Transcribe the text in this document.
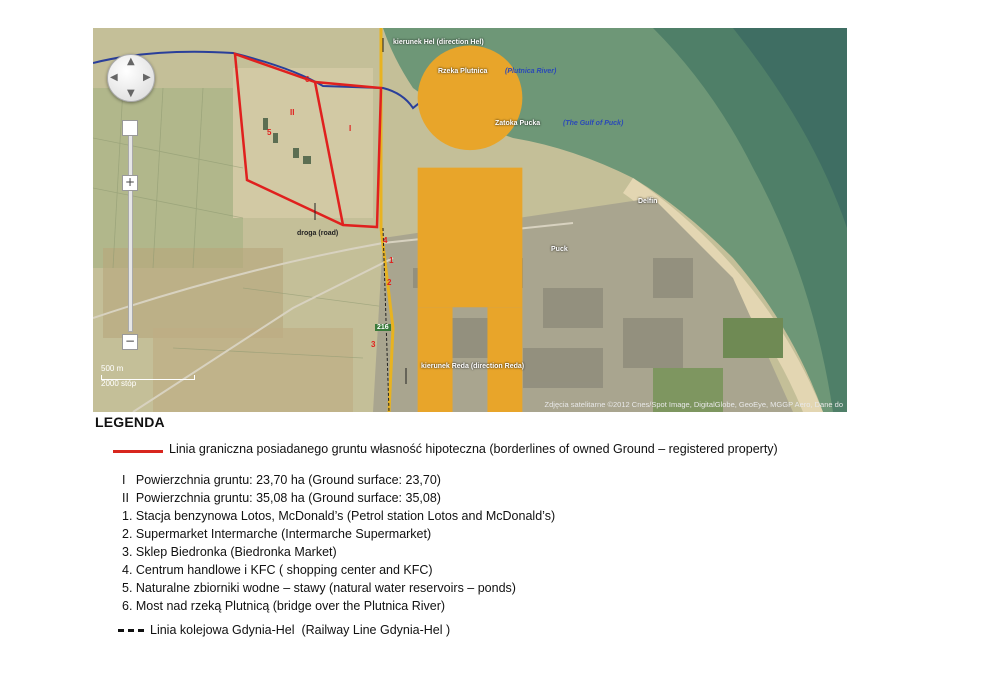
▲
▼
◀	▶
+
−
500 m
2000 stóp
kierunek Hel (direction Hel)
Rzeka Plutnica	(Plutnica River)
Zatoka Pucka	(The Gulf of Puck)
droga (road)
kierunek Reda (direction Reda)
Puck
Delfin
216
I
II
6
5
4
1
2
3
Zdjęcia satelitarne ©2012 Cnes/Spot Image, DigitalGlobe, GeoEye, MGGP Aero, Dane do
LEGENDA
Linia graniczna posiadanego gruntu własność hipoteczna (borderlines of owned Ground – registered property)
I   Powierzchnia gruntu: 23,70 ha (Ground surface: 23,70)
II  Powierzchnia gruntu: 35,08 ha (Ground surface: 35,08)
1. Stacja benzynowa Lotos, McDonald’s (Petrol station Lotos and McDonald’s)
2. Supermarket Intermarche (Intermarche Supermarket)
3. Sklep Biedronka (Biedronka Market)
4. Centrum handlowe i KFC ( shopping center and KFC)
5. Naturalne zbiorniki wodne – stawy (natural water reservoirs – ponds)
6. Most nad rzeką Plutnicą (bridge over the Plutnica River)
Linia kolejowa Gdynia-Hel  (Railway Line Gdynia-Hel )
